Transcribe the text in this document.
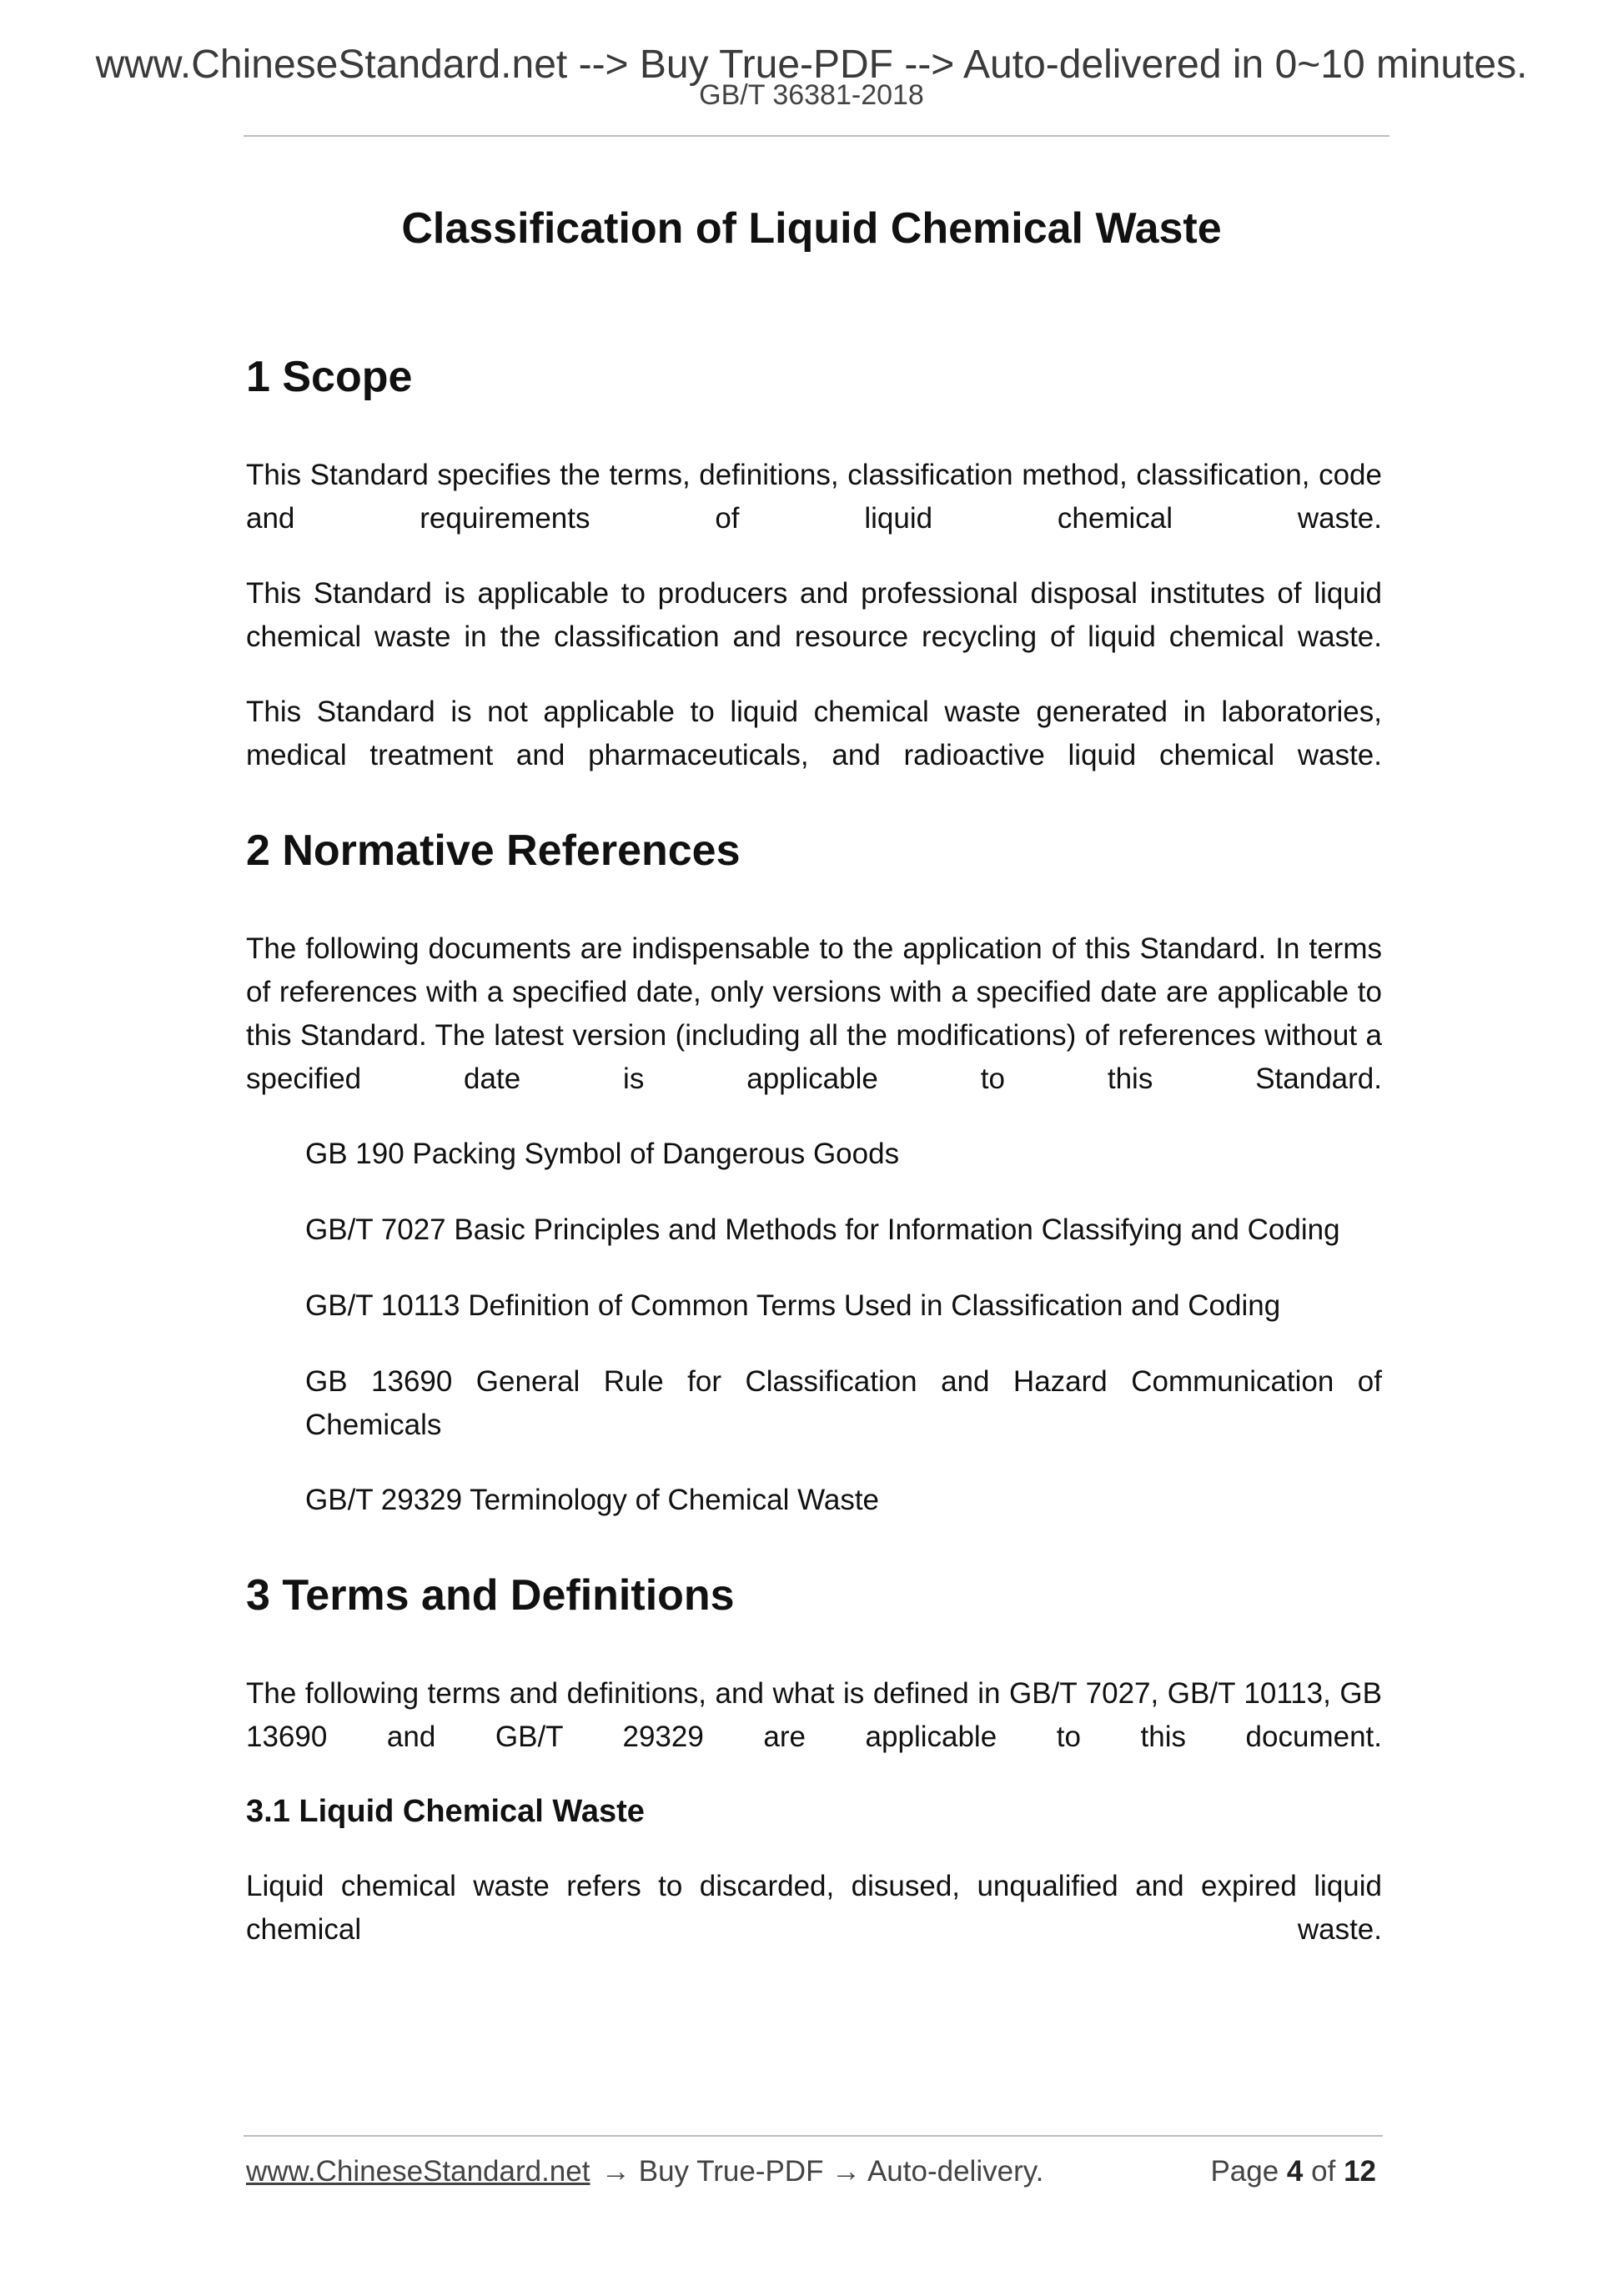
www.ChineseStandard.net --> Buy True-PDF --> Auto-delivered in 0~10 minutes.
GB/T 36381-2018
Classification of Liquid Chemical Waste
1 Scope

This Standard specifies the terms, definitions, classification method, classification, code and requirements of liquid chemical waste.

This Standard is applicable to producers and professional disposal institutes of liquid chemical waste in the classification and resource recycling of liquid chemical waste.

This Standard is not applicable to liquid chemical waste generated in laboratories, medical treatment and pharmaceuticals, and radioactive liquid chemical waste.

2 Normative References

The following documents are indispensable to the application of this Standard. In terms of references with a specified date, only versions with a specified date are applicable to this Standard. The latest version (including all the modifications) of references without a specified date is applicable to this Standard.

GB 190 Packing Symbol of Dangerous Goods
GB/T 7027 Basic Principles and Methods for Information Classifying and Coding
GB/T 10113 Definition of Common Terms Used in Classification and Coding
GB 13690 General Rule for Classification and Hazard Communication of Chemicals
GB/T 29329 Terminology of Chemical Waste
3 Terms and Definitions

The following terms and definitions, and what is defined in GB/T 7027, GB/T 10113, GB 13690 and GB/T 29329 are applicable to this document.

3.1 Liquid Chemical Waste

Liquid chemical waste refers to discarded, disused, unqualified and expired liquid chemical waste.

www.ChineseStandard.net → Buy True-PDF → Auto-delivery.	Page 4 of 12
